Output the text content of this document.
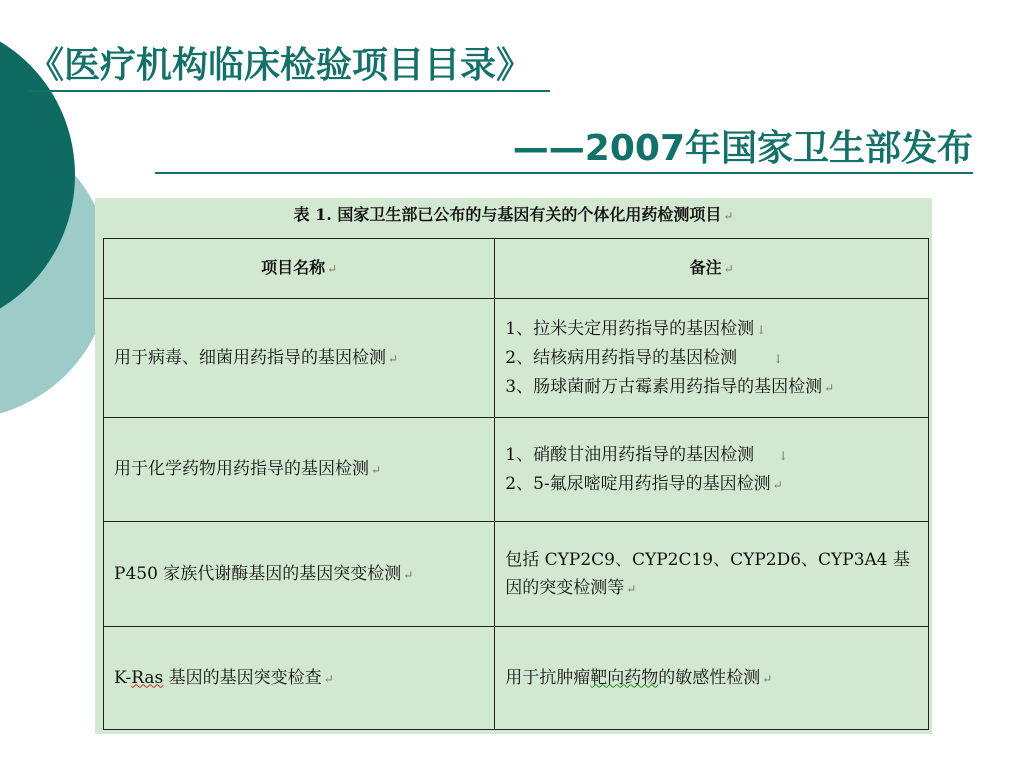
《医疗机构临床检验项目目录》
——2007年国家卫生部发布
表 1. 国家卫生部已公布的与基因有关的个体化用药检测项目 ↵
项目名称 ↵	备注 ↵
用于病毒、细菌用药指导的基因检测 ↵	1、拉米夫定用药指导的基因检测 ↓
2、结核病用药指导的基因检测 ↓
3、肠球菌耐万古霉素用药指导的基因检测 ↵

用于化学药物用药指导的基因检测 ↵	1、硝酸甘油用药指导的基因检测 ↓
2、5-氟尿嘧啶用药指导的基因检测 ↵

P450 家族代谢酶基因的基因突变检测 ↵	包括 CYP2C9、CYP2C19、CYP2D6、CYP3A4 基因的突变检测等 ↵

K-Ras 基因的基因突变检查 ↵	用于抗肿瘤靶向药物的敏感性检测 ↵
